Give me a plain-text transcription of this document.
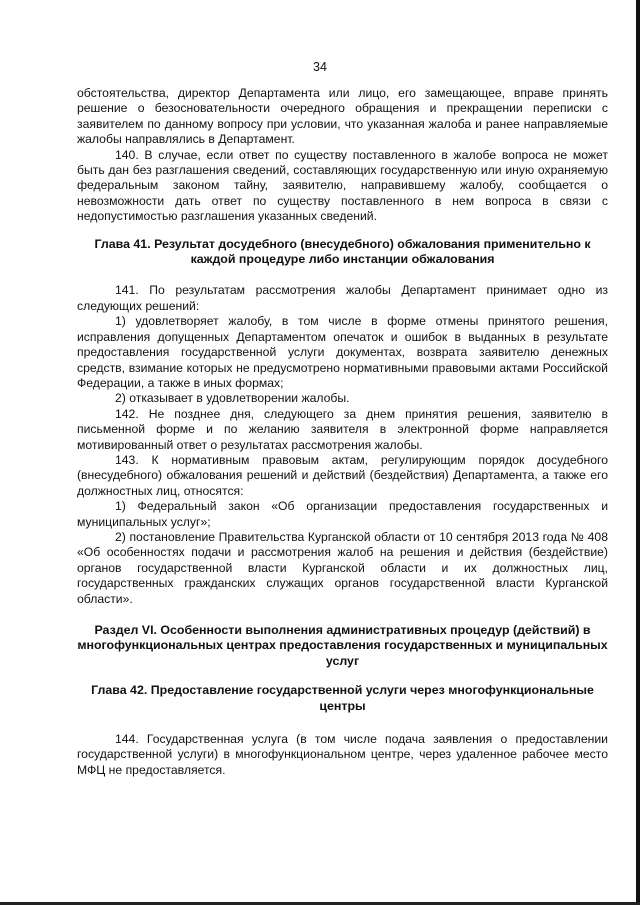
34

обстоятельства, директор Департамента или лицо, его замещающее, вправе принять решение о безосновательности очередного обращения и прекращении переписки с заявителем по данному вопросу при условии, что указанная жалоба и ранее направляемые жалобы направлялись в Департамент.

140. В случае, если ответ по существу поставленного в жалобе вопроса не может быть дан без разглашения сведений, составляющих государственную или иную охраняемую федеральным законом тайну, заявителю, направившему жалобу, сообщается о невозможности дать ответ по существу поставленного в нем вопроса в связи с недопустимостью разглашения указанных сведений.

Глава 41. Результат досудебного (внесудебного) обжалования применительно к каждой процедуре либо инстанции обжалования

141. По результатам рассмотрения жалобы Департамент принимает одно из следующих решений:

1) удовлетворяет жалобу, в том числе в форме отмены принятого решения, исправления допущенных Департаментом опечаток и ошибок в выданных в результате предоставления государственной услуги документах, возврата заявителю денежных средств, взимание которых не предусмотрено нормативными правовыми актами Российской Федерации, а также в иных формах;

2) отказывает в удовлетворении жалобы.

142. Не позднее дня, следующего за днем принятия решения, заявителю в письменной форме и по желанию заявителя в электронной форме направляется мотивированный ответ о результатах рассмотрения жалобы.

143. К нормативным правовым актам, регулирующим порядок досудебного (внесудебного) обжалования решений и действий (бездействия) Департамента, а также его должностных лиц, относятся:

1) Федеральный закон «Об организации предоставления государственных и муниципальных услуг»;

2) постановление Правительства Курганской области от 10 сентября 2013 года № 408 «Об особенностях подачи и рассмотрения жалоб на решения и действия (бездействие) органов государственной власти Курганской области и их должностных лиц, государственных гражданских служащих органов государственной власти Курганской области».

Раздел VI. Особенности выполнения административных процедур (действий) в многофункциональных центрах предоставления государственных и муниципальных услуг

Глава 42. Предоставление государственной услуги через многофункциональные центры

144. Государственная услуга (в том числе подача заявления о предоставлении государственной услуги) в многофункциональном центре, через удаленное рабочее место МФЦ не предоставляется.
